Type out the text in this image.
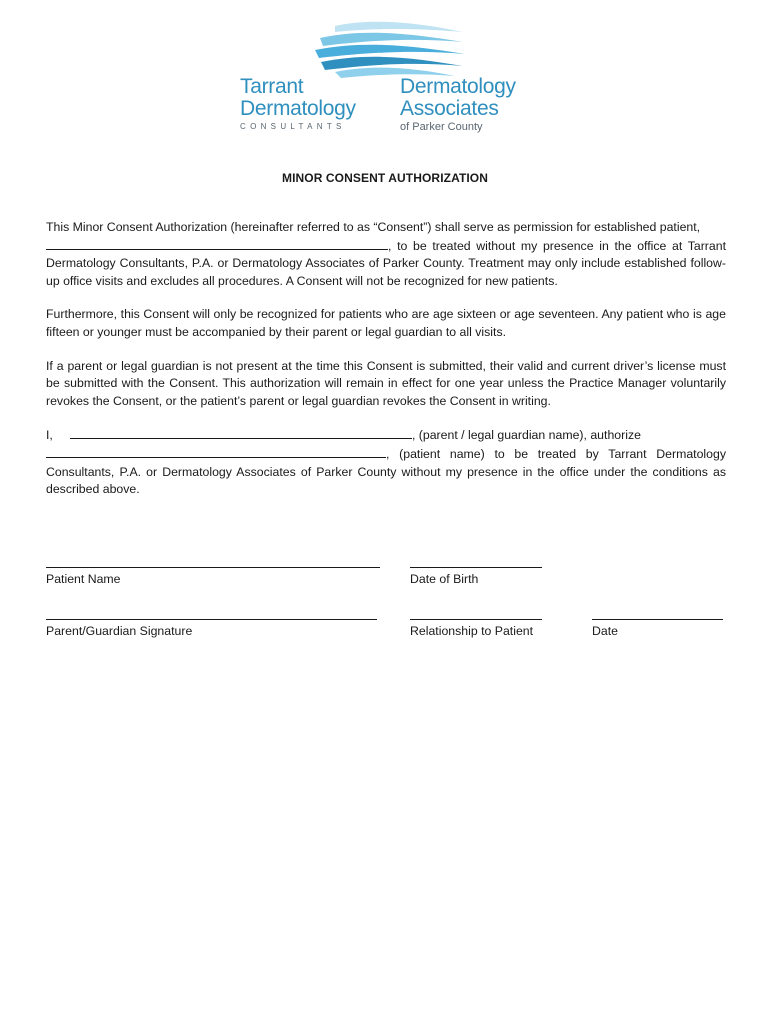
Tarrant
Dermatology
CONSULTANTS
Dermatology
Associates
of Parker County
MINOR CONSENT AUTHORIZATION

This Minor Consent Authorization (hereinafter referred to as “Consent”) shall serve as permission for established patient,
, to be treated without my presence in the office at Tarrant Dermatology Consultants, P.A. or Dermatology Associates of Parker County. Treatment may only include established follow-up office visits and excludes all procedures. A Consent will not be recognized for new patients.

Furthermore, this Consent will only be recognized for patients who are age sixteen or age seventeen. Any patient who is age fifteen or younger must be accompanied by their parent or legal guardian to all visits.

If a parent or legal guardian is not present at the time this Consent is submitted, their valid and current driver’s license must be submitted with the Consent. This authorization will remain in effect for one year unless the Practice Manager voluntarily revokes the Consent, or the patient’s parent or legal guardian revokes the Consent in writing.

I,	, (parent / legal guardian name), authorize
, (patient name) to be treated by Tarrant Dermatology Consultants, P.A. or Dermatology Associates of Parker County without my presence in the office under the conditions as described above.

Patient Name	Date of Birth
Parent/Guardian Signature	Relationship to Patient	Date
